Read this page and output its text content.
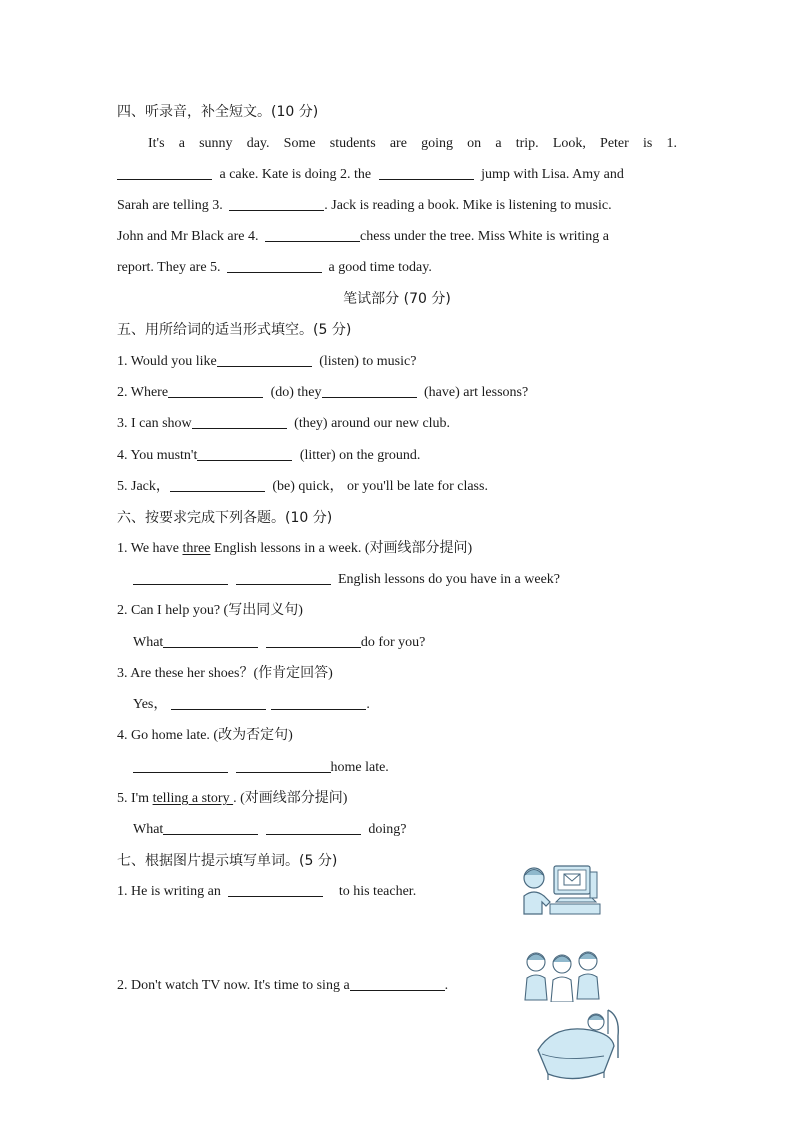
四、听录音，补全短文。(10 分)
It's a sunny day. Some students are going on a trip. Look, Peter is 1.
a cake. Kate is doing 2. the	jump with Lisa. Amy and
Sarah are telling 3.	. Jack is reading a book. Mike is listening to music.
John and Mr Black are 4.	chess under the tree. Miss White is writing a
report. They are 5.	a good time today.
笔试部分 (70 分)
五、用所给词的适当形式填空。(5 分)
1. Would you like	(listen) to music?
2. Where	(do) they	(have) art lessons?
3. I can show	(they) around our new club.
4. You mustn't	(litter) on the ground.
5. Jack，	(be) quick， or you'll be late for class.
六、按要求完成下列各题。(10 分)
1. We have three English lessons in a week. (对画线部分提问)
English lessons do you have in a week?
2. Can I help you? (写出同义句)
What	do for you?
3. Are these her shoes？(作肯定回答)
Yes，	.
4. Go home late. (改为否定句)
home late.
5. I'm telling a story . (对画线部分提问)
What	doing?
七、根据图片提示填写单词。(5 分)
1. He is writing an	to his teacher.
2. Don't watch TV now. It's time to sing a	.
